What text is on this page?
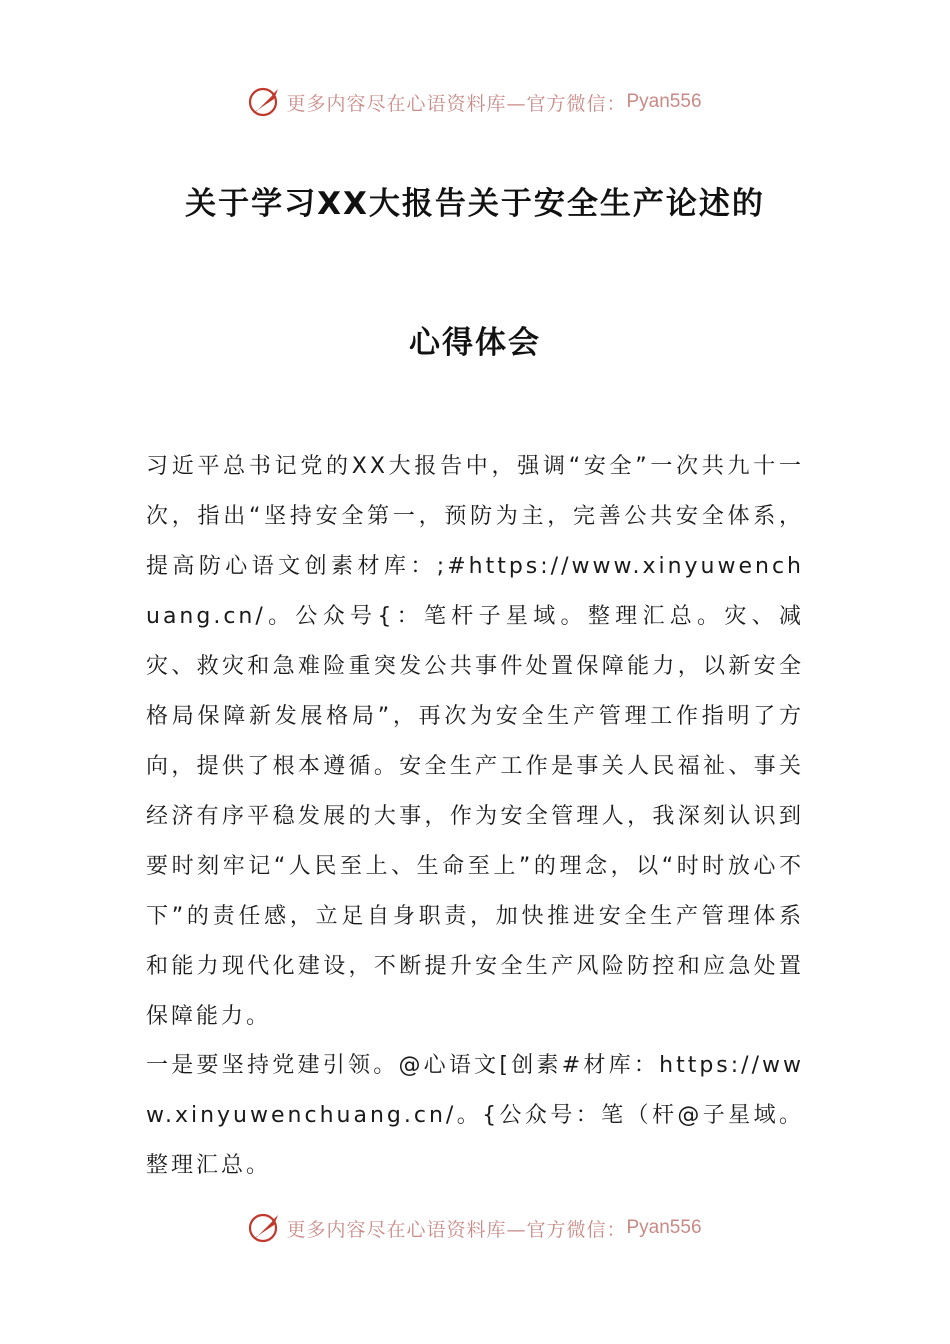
更多内容尽在心语资料库—官方微信： Pyan556
关于学习XX大报告关于安全生产论述的
心得体会

习近平总书记党的XX大报告中，强调“安全”一次共九十一次，指出“坚持安全第一，预防为主，完善公共安全体系，提高防心语文创素材库：;#https://www.xinyuwenchuang.cn/。公众号{：笔杆子星域。整理汇总。灾、减灾、救灾和急难险重突发公共事件处置保障能力，以新安全格局保障新发展格局”，再次为安全生产管理工作指明了方向，提供了根本遵循。安全生产工作是事关人民福祉、事关经济有序平稳发展的大事，作为安全管理人，我深刻认识到要时刻牢记“人民至上、生命至上”的理念，以“时时放心不下”的责任感，立足自身职责，加快推进安全生产管理体系和能力现代化建设，不断提升安全生产风险防控和应急处置保障能力。

一是要坚持党建引领。@心语文[创素#材库：https://www.xinyuwenchuang.cn/。{公众号：笔（杆@子星域。整理汇总。

更多内容尽在心语资料库—官方微信： Pyan556
